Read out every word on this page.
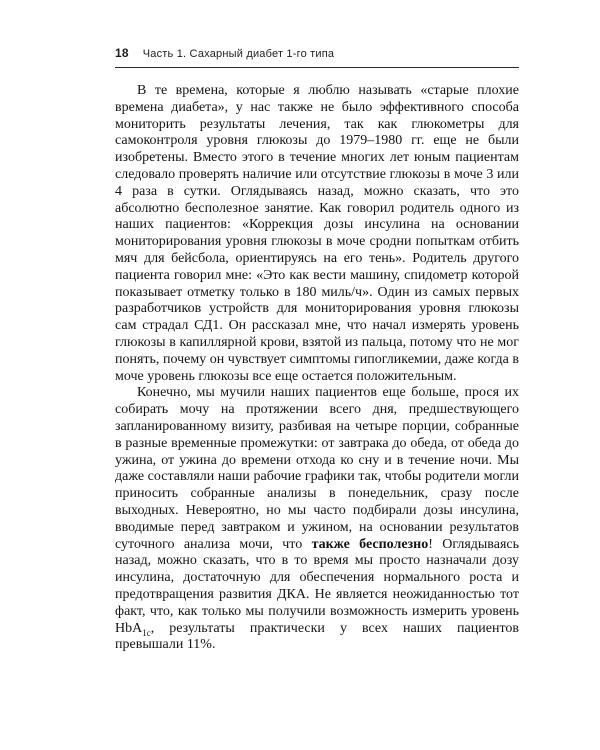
18 Часть 1. Сахарный диабет 1-го типа

В те времена, которые я люблю называть «старые плохие времена диабета», у нас также не было эффективного способа мониторить результаты лечения, так как глюкометры для самоконтроля уровня глюкозы до 1979–1980 гг. еще не были изобретены. Вместо этого в течение многих лет юным пациентам следовало проверять наличие или отсутствие глюкозы в моче 3 или 4 раза в сутки. Оглядываясь назад, можно сказать, что это абсолютно бесполезное занятие. Как говорил родитель одного из наших пациентов: «Коррекция дозы инсулина на основании мониторирования уровня глюкозы в моче сродни попыткам отбить мяч для бейсбола, ориентируясь на его тень». Родитель другого пациента говорил мне: «Это как вести машину, спидометр которой показывает отметку только в 180 миль/ч». Один из самых первых разработчиков устройств для мониторирования уровня глюкозы сам страдал СД1. Он рассказал мне, что начал измерять уровень глюкозы в капиллярной крови, взятой из пальца, потому что не мог понять, почему он чувствует симптомы гипогликемии, даже когда в моче уровень глюкозы все еще остается положительным.

Конечно, мы мучили наших пациентов еще больше, прося их собирать мочу на протяжении всего дня, предшествующего запланированному визиту, разбивая на четыре порции, собранные в разные временные промежутки: от завтрака до обеда, от обеда до ужина, от ужина до времени отхода ко сну и в течение ночи. Мы даже составляли наши рабочие графики так, чтобы родители могли приносить собранные анализы в понедельник, сразу после выходных. Невероятно, но мы часто подбирали дозы инсулина, вводимые перед завтраком и ужином, на основании результатов суточного анализа мочи, что также бесполезно! Оглядываясь назад, можно сказать, что в то время мы просто назначали дозу инсулина, достаточную для обеспечения нормального роста и предотвращения развития ДКА. Не является неожиданностью тот факт, что, как только мы получили возможность измерить уровень HbA$_{1c}$, результаты практически у всех наших пациентов превышали 11%.
